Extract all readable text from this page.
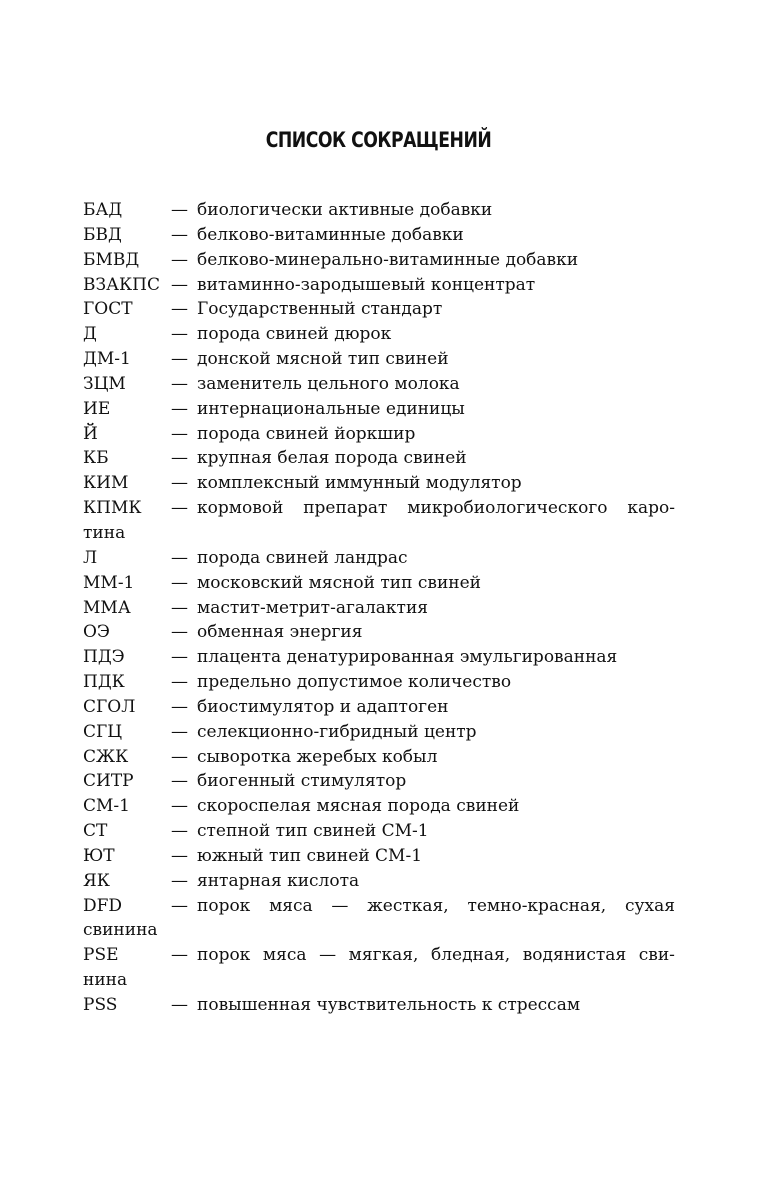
СПИСОК СОКРАЩЕНИЙ
БАД	— биологически активные добавки
БВД	— белково-витаминные добавки
БМВД — белково-минерально-витаминные добавки
ВЗАКПС — витаминно-зародышевый концентрат
ГОСТ — Государственный стандарт
Д	— порода свиней дюрок
ДМ-1 — донской мясной тип свиней
ЗЦМ	— заменитель цельного молока
ИЕ	— интернациональные единицы
Й	— порода свиней йоркшир
КБ	— крупная белая порода свиней
КИМ	— комплексный иммунный модулятор
КПМК — кормовой препарат микробиологического каро-
тина
Л	— порода свиней ландрас
ММ-1 — московский мясной тип свиней
ММА — мастит-метрит-агалактия
ОЭ	— обменная энергия
ПДЭ	— плацента денатурированная эмульгированная
ПДК	— предельно допустимое количество
СГОЛ — биостимулятор и адаптоген
СГЦ	— селекционно-гибридный центр
СЖК	— сыворотка жеребых кобыл
СИТР — биогенный стимулятор
СМ-1 — скороспелая мясная порода свиней
СТ	— степной тип свиней СМ-1
ЮТ	— южный тип свиней СМ-1
ЯК	— янтарная кислота
DFD	— порок мяса — жесткая, темно-красная, сухая
свинина
PSE	— порок мяса — мягкая, бледная, водянистая сви-
нина
PSS	— повышенная чувствительность к стрессам
